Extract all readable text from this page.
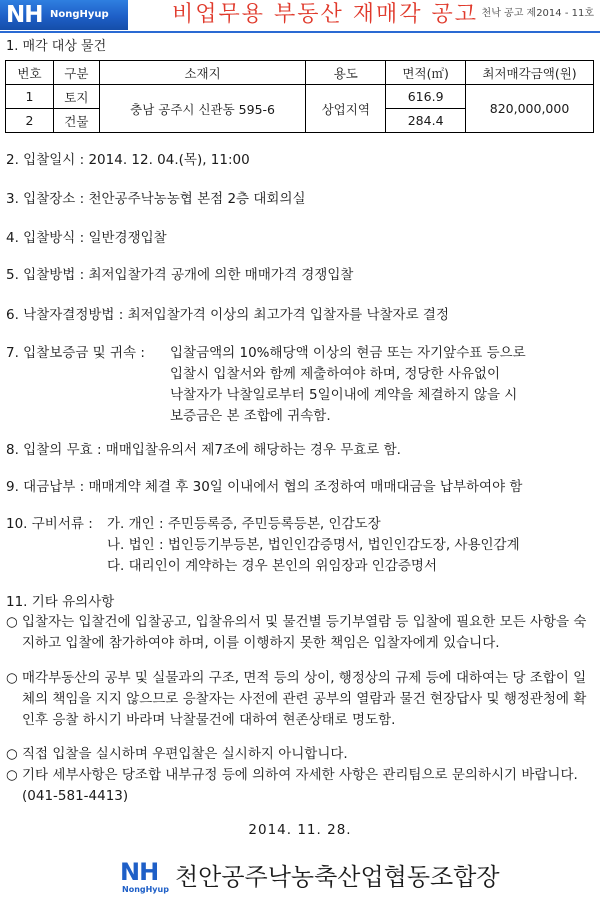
NH NongHyup	비업무용 부동산 재매각 공고 천낙 공고 제2014 - 11호
1. 매각 대상 물건
번호	구분	소재지	용도	면적(㎡)	최저매각금액(원)
1	토지	충남 공주시 신관동 595-6	상업지역	616.9	820,000,000
2	건물			284.4	
2. 입찰일시 : 2014. 12. 04.(목), 11:00
3. 입찰장소 : 천안공주낙농농협 본점 2층 대회의실
4. 입찰방식 : 일반경쟁입찰
5. 입찰방법 : 최저입찰가격 공개에 의한 매매가격 경쟁입찰
6. 낙찰자결정방법 : 최저입찰가격 이상의 최고가격 입찰자를 낙찰자로 결정
7. 입찰보증금 및 귀속 : 입찰금액의 10%해당액 이상의 현금 또는 자기앞수표 등으로
입찰시 입찰서와 함께 제출하여야 하며, 정당한 사유없이
낙찰자가 낙찰일로부터 5일이내에 계약을 체결하지 않을 시
보증금은 본 조합에 귀속함.
8. 입찰의 무효 : 매매입찰유의서 제7조에 해당하는 경우 무효로 함.
9. 대금납부 : 매매계약 체결 후 30일 이내에서 협의 조정하여 매매대금을 납부하여야 함
10. 구비서류 : 가. 개인 : 주민등록증, 주민등록등본, 인감도장
나. 법인 : 법인등기부등본, 법인인감증명서, 법인인감도장, 사용인감계
다. 대리인이 계약하는 경우 본인의 위임장과 인감증명서
11. 기타 유의사항
○ 입찰자는 입찰건에 입찰공고, 입찰유의서 및 물건별 등기부열람 등 입찰에 필요한 모든 사항을 숙지하고 입찰에 참가하여야 하며, 이를 이행하지 못한 책임은 입찰자에게 있습니다.
○ 매각부동산의 공부 및 실물과의 구조, 면적 등의 상이, 행정상의 규제 등에 대하여는 당 조합이 일체의 책임을 지지 않으므로 응찰자는 사전에 관련 공부의 열람과 물건 현장답사 및 행정관청에 확인후 응찰 하시기 바라며 낙찰물건에 대하여 현존상태로 명도함.
○ 직접 입찰을 실시하며 우편입찰은 실시하지 아니합니다.
○ 기타 세부사항은 당조합 내부규정 등에 의하여 자세한 사항은 관리팀으로 문의하시기 바랍니다. (041-581-4413)
2014. 11. 28.
NH
NongHyup 천안공주낙농축산업협동조합장
